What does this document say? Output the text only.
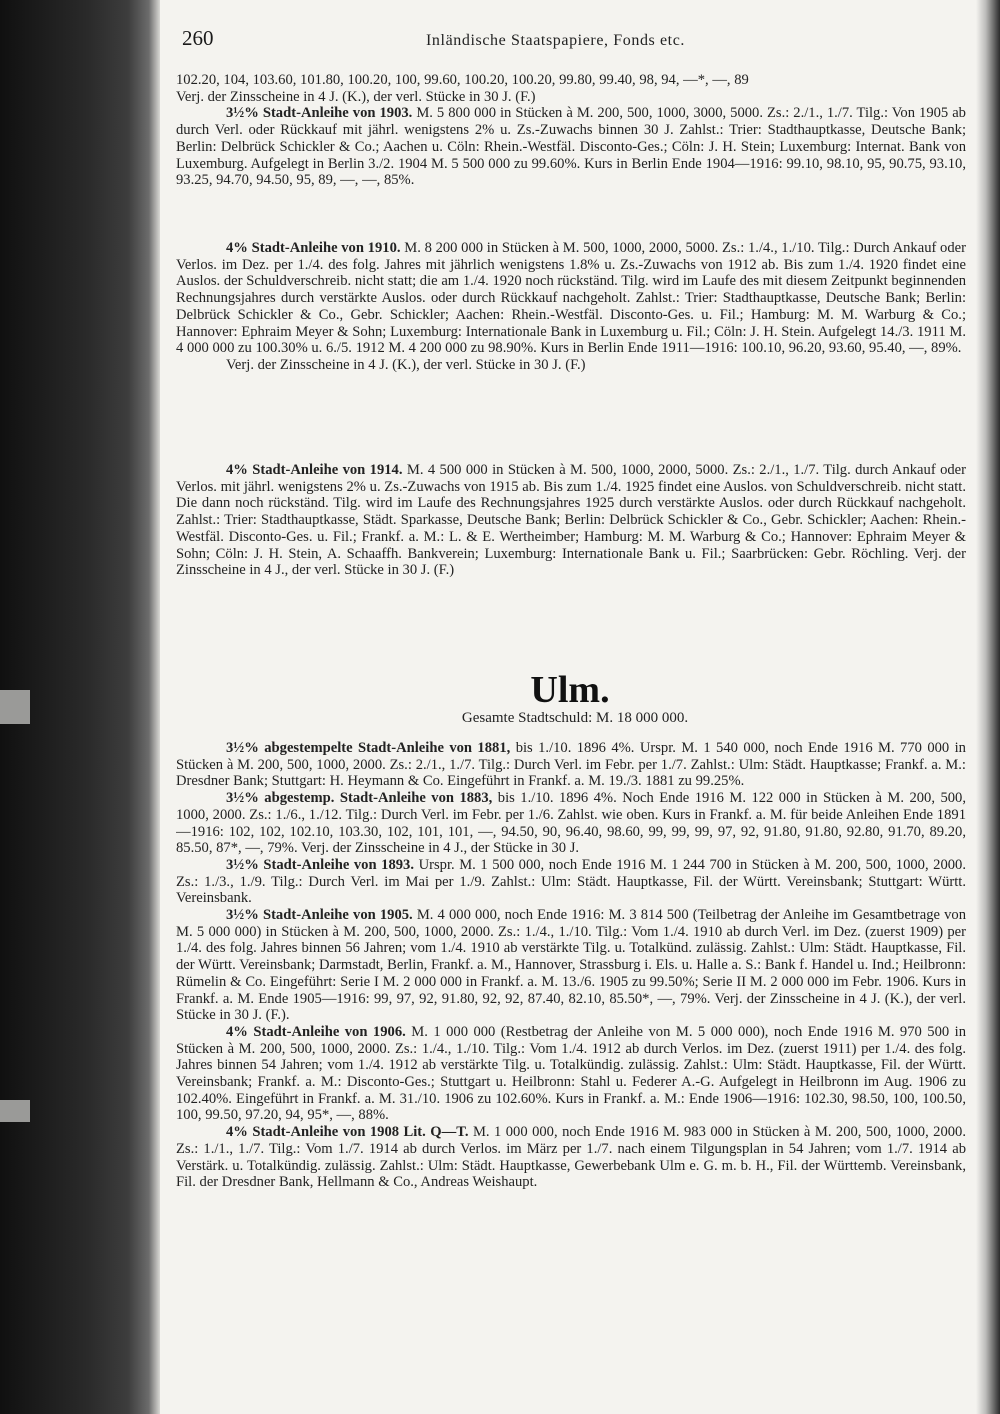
260	Inländische Staatspapiere, Fonds etc.

102.20, 104, 103.60, 101.80, 100.20, 100, 99.60, 100.20, 100.20, 99.80, 99.40, 98, 94, —*, —, 89

Verj. der Zinsscheine in 4 J. (K.), der verl. Stücke in 30 J. (F.)

3½% Stadt-Anleihe von 1903. M. 5 800 000 in Stücken à M. 200, 500, 1000, 3000, 5000. Zs.: 2./1., 1./7. Tilg.: Von 1905 ab durch Verl. oder Rückkauf mit jährl. wenigstens 2% u. Zs.-Zuwachs binnen 30 J. Zahlst.: Trier: Stadthauptkasse, Deutsche Bank; Berlin: Delbrück Schickler & Co.; Aachen u. Cöln: Rhein.-Westfäl. Disconto-Ges.; Cöln: J. H. Stein; Luxemburg: Internat. Bank von Luxemburg. Aufgelegt in Berlin 3./2. 1904 M. 5 500 000 zu 99.60%. Kurs in Berlin Ende 1904—1916: 99.10, 98.10, 95, 90.75, 93.10, 93.25, 94.70, 94.50, 95, 89, —, —, 85%.

4% Stadt-Anleihe von 1910. M. 8 200 000 in Stücken à M. 500, 1000, 2000, 5000. Zs.: 1./4., 1./10. Tilg.: Durch Ankauf oder Verlos. im Dez. per 1./4. des folg. Jahres mit jährlich wenigstens 1.8% u. Zs.-Zuwachs von 1912 ab. Bis zum 1./4. 1920 findet eine Auslos. der Schuldverschreib. nicht statt; die am 1./4. 1920 noch rückständ. Tilg. wird im Laufe des mit diesem Zeitpunkt beginnenden Rechnungsjahres durch verstärkte Auslos. oder durch Rückkauf nachgeholt. Zahlst.: Trier: Stadthauptkasse, Deutsche Bank; Berlin: Delbrück Schickler & Co., Gebr. Schickler; Aachen: Rhein.-Westfäl. Disconto-Ges. u. Fil.; Hamburg: M. M. Warburg & Co.; Hannover: Ephraim Meyer & Sohn; Luxemburg: Internationale Bank in Luxemburg u. Fil.; Cöln: J. H. Stein. Aufgelegt 14./3. 1911 M. 4 000 000 zu 100.30% u. 6./5. 1912 M. 4 200 000 zu 98.90%. Kurs in Berlin Ende 1911—1916: 100.10, 96.20, 93.60, 95.40, —, 89%.

Verj. der Zinsscheine in 4 J. (K.), der verl. Stücke in 30 J. (F.)

4% Stadt-Anleihe von 1914. M. 4 500 000 in Stücken à M. 500, 1000, 2000, 5000. Zs.: 2./1., 1./7. Tilg. durch Ankauf oder Verlos. mit jährl. wenigstens 2% u. Zs.-Zuwachs von 1915 ab. Bis zum 1./4. 1925 findet eine Auslos. von Schuldverschreib. nicht statt. Die dann noch rückständ. Tilg. wird im Laufe des Rechnungsjahres 1925 durch verstärkte Auslos. oder durch Rückkauf nachgeholt. Zahlst.: Trier: Stadthauptkasse, Städt. Sparkasse, Deutsche Bank; Berlin: Delbrück Schickler & Co., Gebr. Schickler; Aachen: Rhein.-Westfäl. Disconto-Ges. u. Fil.; Frankf. a. M.: L. & E. Wertheimber; Hamburg: M. M. Warburg & Co.; Hannover: Ephraim Meyer & Sohn; Cöln: J. H. Stein, A. Schaaffh. Bankverein; Luxemburg: Internationale Bank u. Fil.; Saarbrücken: Gebr. Röchling. Verj. der Zinsscheine in 4 J., der verl. Stücke in 30 J. (F.)

Ulm.
Gesamte Stadtschuld: M. 18 000 000.

3½% abgestempelte Stadt-Anleihe von 1881, bis 1./10. 1896 4%. Urspr. M. 1 540 000, noch Ende 1916 M. 770 000 in Stücken à M. 200, 500, 1000, 2000. Zs.: 2./1., 1./7. Tilg.: Durch Verl. im Febr. per 1./7. Zahlst.: Ulm: Städt. Hauptkasse; Frankf. a. M.: Dresdner Bank; Stuttgart: H. Heymann & Co. Eingeführt in Frankf. a. M. 19./3. 1881 zu 99.25%.

3½% abgestemp. Stadt-Anleihe von 1883, bis 1./10. 1896 4%. Noch Ende 1916 M. 122 000 in Stücken à M. 200, 500, 1000, 2000. Zs.: 1./6., 1./12. Tilg.: Durch Verl. im Febr. per 1./6. Zahlst. wie oben. Kurs in Frankf. a. M. für beide Anleihen Ende 1891—1916: 102, 102, 102.10, 103.30, 102, 101, 101, —, 94.50, 90, 96.40, 98.60, 99, 99, 99, 97, 92, 91.80, 91.80, 92.80, 91.70, 89.20, 85.50, 87*, —, 79%. Verj. der Zinsscheine in 4 J., der Stücke in 30 J.

3½% Stadt-Anleihe von 1893. Urspr. M. 1 500 000, noch Ende 1916 M. 1 244 700 in Stücken à M. 200, 500, 1000, 2000. Zs.: 1./3., 1./9. Tilg.: Durch Verl. im Mai per 1./9. Zahlst.: Ulm: Städt. Hauptkasse, Fil. der Württ. Vereinsbank; Stuttgart: Württ. Vereinsbank.

3½% Stadt-Anleihe von 1905. M. 4 000 000, noch Ende 1916: M. 3 814 500 (Teilbetrag der Anleihe im Gesamtbetrage von M. 5 000 000) in Stücken à M. 200, 500, 1000, 2000. Zs.: 1./4., 1./10. Tilg.: Vom 1./4. 1910 ab durch Verl. im Dez. (zuerst 1909) per 1./4. des folg. Jahres binnen 56 Jahren; vom 1./4. 1910 ab verstärkte Tilg. u. Totalkünd. zulässig. Zahlst.: Ulm: Städt. Hauptkasse, Fil. der Württ. Vereinsbank; Darmstadt, Berlin, Frankf. a. M., Hannover, Strassburg i. Els. u. Halle a. S.: Bank f. Handel u. Ind.; Heilbronn: Rümelin & Co. Eingeführt: Serie I M. 2 000 000 in Frankf. a. M. 13./6. 1905 zu 99.50%; Serie II M. 2 000 000 im Febr. 1906. Kurs in Frankf. a. M. Ende 1905—1916: 99, 97, 92, 91.80, 92, 92, 87.40, 82.10, 85.50*, —, 79%. Verj. der Zinsscheine in 4 J. (K.), der verl. Stücke in 30 J. (F.).

4% Stadt-Anleihe von 1906. M. 1 000 000 (Restbetrag der Anleihe von M. 5 000 000), noch Ende 1916 M. 970 500 in Stücken à M. 200, 500, 1000, 2000. Zs.: 1./4., 1./10. Tilg.: Vom 1./4. 1912 ab durch Verlos. im Dez. (zuerst 1911) per 1./4. des folg. Jahres binnen 54 Jahren; vom 1./4. 1912 ab verstärkte Tilg. u. Totalkündig. zulässig. Zahlst.: Ulm: Städt. Hauptkasse, Fil. der Württ. Vereinsbank; Frankf. a. M.: Disconto-Ges.; Stuttgart u. Heilbronn: Stahl u. Federer A.-G. Aufgelegt in Heilbronn im Aug. 1906 zu 102.40%. Eingeführt in Frankf. a. M. 31./10. 1906 zu 102.60%. Kurs in Frankf. a. M.: Ende 1906—1916: 102.30, 98.50, 100, 100.50, 100, 99.50, 97.20, 94, 95*, —, 88%.

4% Stadt-Anleihe von 1908 Lit. Q—T. M. 1 000 000, noch Ende 1916 M. 983 000 in Stücken à M. 200, 500, 1000, 2000. Zs.: 1./1., 1./7. Tilg.: Vom 1./7. 1914 ab durch Verlos. im März per 1./7. nach einem Tilgungsplan in 54 Jahren; vom 1./7. 1914 ab Verstärk. u. Totalkündig. zulässig. Zahlst.: Ulm: Städt. Hauptkasse, Gewerbebank Ulm e. G. m. b. H., Fil. der Württemb. Vereinsbank, Fil. der Dresdner Bank, Hellmann & Co., Andreas Weishaupt.
